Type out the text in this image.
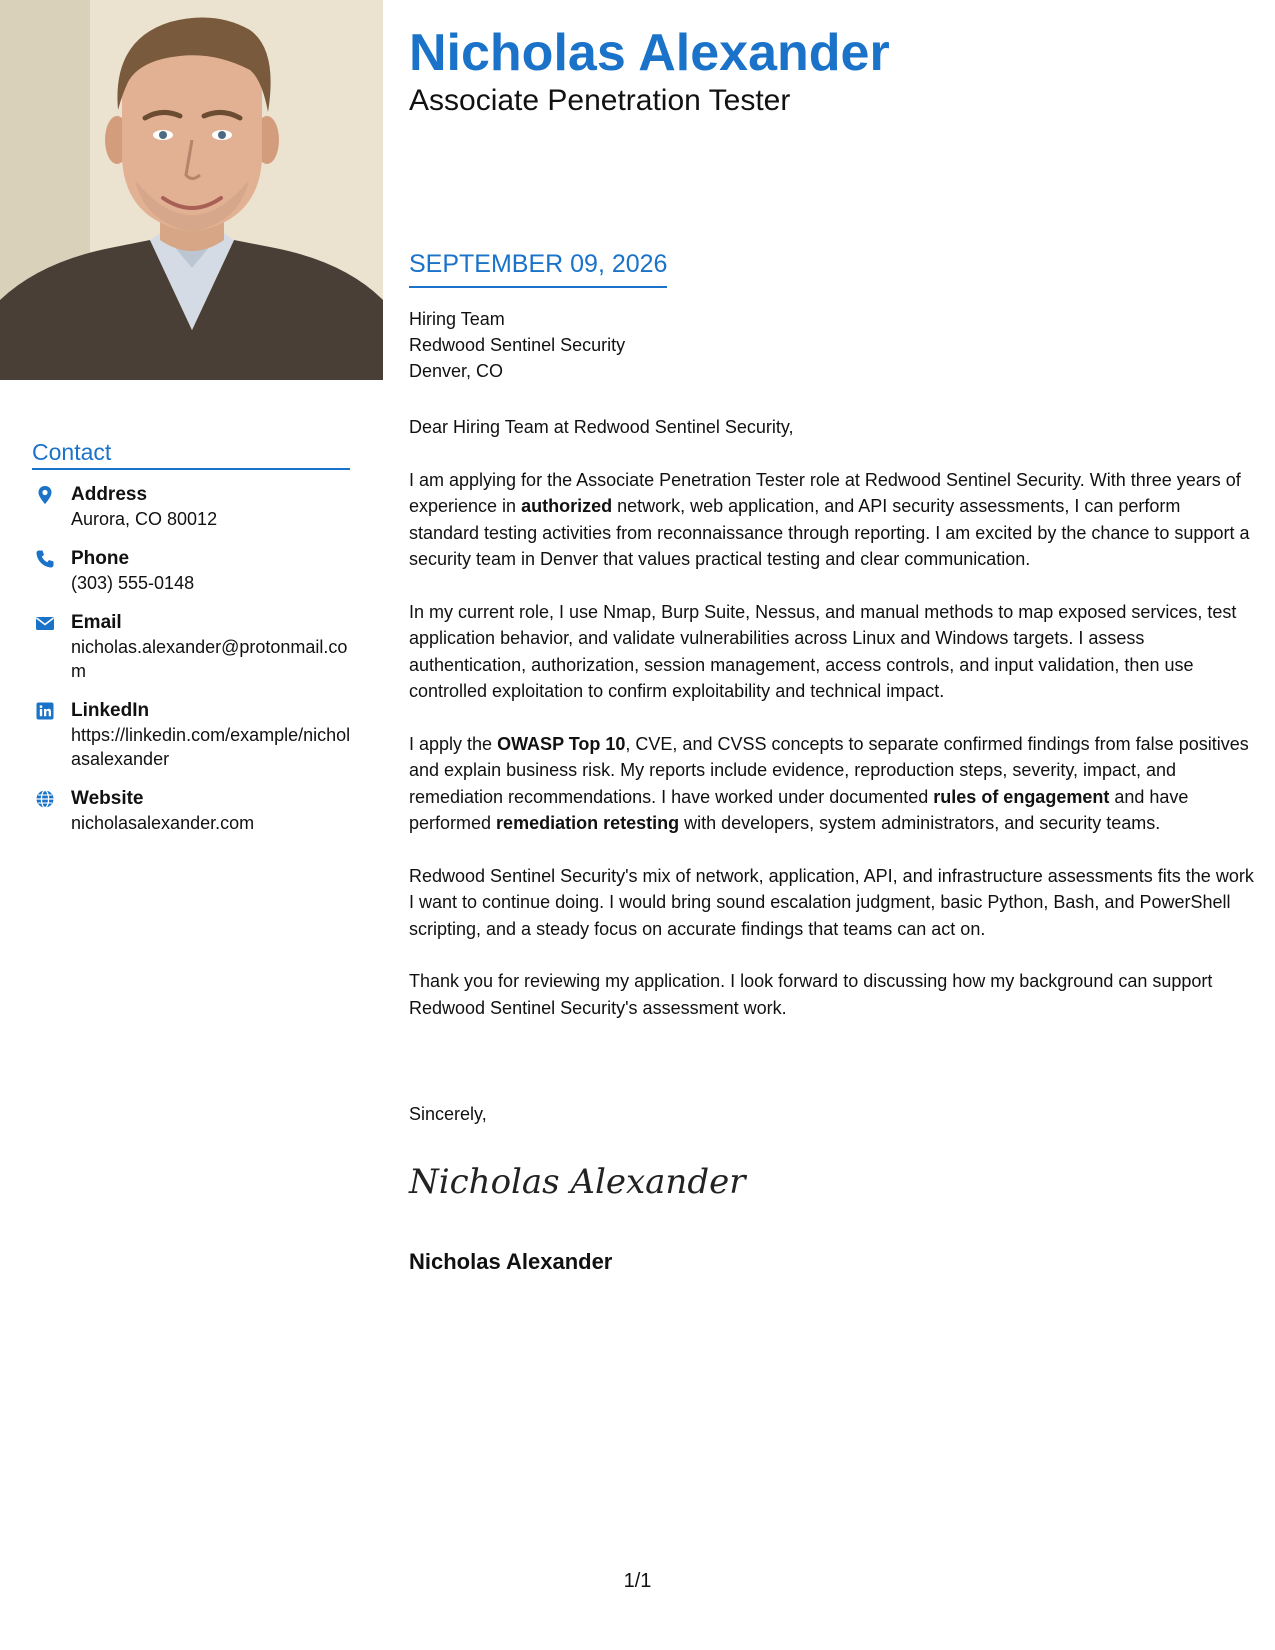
Contact
Address
Aurora, CO 80012
Phone
(303) 555-0148
Email
nicholas.alexander@protonmail.com
LinkedIn
https://linkedin.com/example/nicholasalexander
Website
nicholasalexander.com
Nicholas Alexander
Associate Penetration Tester
SEPTEMBER 09, 2026
Hiring Team
Redwood Sentinel Security
Denver, CO

Dear Hiring Team at Redwood Sentinel Security,

I am applying for the Associate Penetration Tester role at Redwood Sentinel Security. With three years of experience in authorized network, web application, and API security assessments, I can perform standard testing activities from reconnaissance through reporting. I am excited by the chance to support a security team in Denver that values practical testing and clear communication.

In my current role, I use Nmap, Burp Suite, Nessus, and manual methods to map exposed services, test application behavior, and validate vulnerabilities across Linux and Windows targets. I assess authentication, authorization, session management, access controls, and input validation, then use controlled exploitation to confirm exploitability and technical impact.

I apply the OWASP Top 10, CVE, and CVSS concepts to separate confirmed findings from false positives and explain business risk. My reports include evidence, reproduction steps, severity, impact, and remediation recommendations. I have worked under documented rules of engagement and have performed remediation retesting with developers, system administrators, and security teams.

Redwood Sentinel Security's mix of network, application, API, and infrastructure assessments fits the work I want to continue doing. I would bring sound escalation judgment, basic Python, Bash, and PowerShell scripting, and a steady focus on accurate findings that teams can act on.

Thank you for reviewing my application. I look forward to discussing how my background can support Redwood Sentinel Security's assessment work.

Sincerely,
Nicholas Alexander
Nicholas Alexander
1/1
